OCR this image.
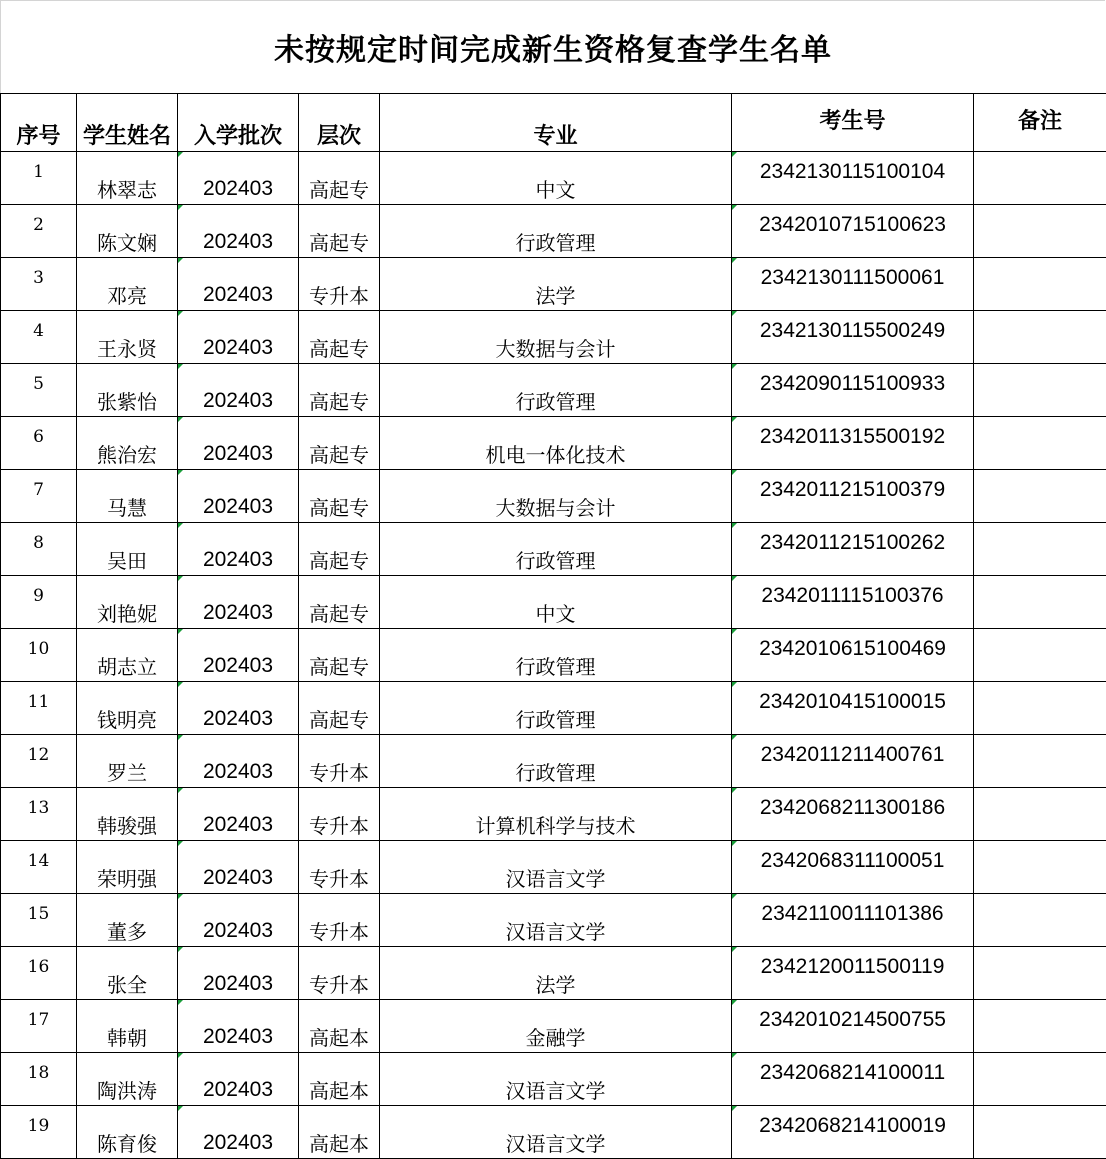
未按规定时间完成新生资格复查学生名单
序号	学生姓名	入学批次	层次	专业	考生号	备注
1	林翠志	202403	高起专	中文	2342130115100104	
2	陈文娴	202403	高起专	行政管理	2342010715100623	
3	邓亮	202403	专升本	法学	2342130111500061	
4	王永贤	202403	高起专	大数据与会计	2342130115500249	
5	张紫怡	202403	高起专	行政管理	2342090115100933	
6	熊治宏	202403	高起专	机电一体化技术	2342011315500192	
7	马慧	202403	高起专	大数据与会计	2342011215100379	
8	吴田	202403	高起专	行政管理	2342011215100262	
9	刘艳妮	202403	高起专	中文	2342011115100376	
10	胡志立	202403	高起专	行政管理	2342010615100469	
11	钱明亮	202403	高起专	行政管理	2342010415100015	
12	罗兰	202403	专升本	行政管理	2342011211400761	
13	韩骏强	202403	专升本	计算机科学与技术	2342068211300186	
14	荣明强	202403	专升本	汉语言文学	2342068311100051	
15	董多	202403	专升本	汉语言文学	2342110011101386	
16	张全	202403	专升本	法学	2342120011500119	
17	韩朝	202403	高起本	金融学	2342010214500755	
18	陶洪涛	202403	高起本	汉语言文学	2342068214100011	
19	陈育俊	202403	高起本	汉语言文学	2342068214100019	
